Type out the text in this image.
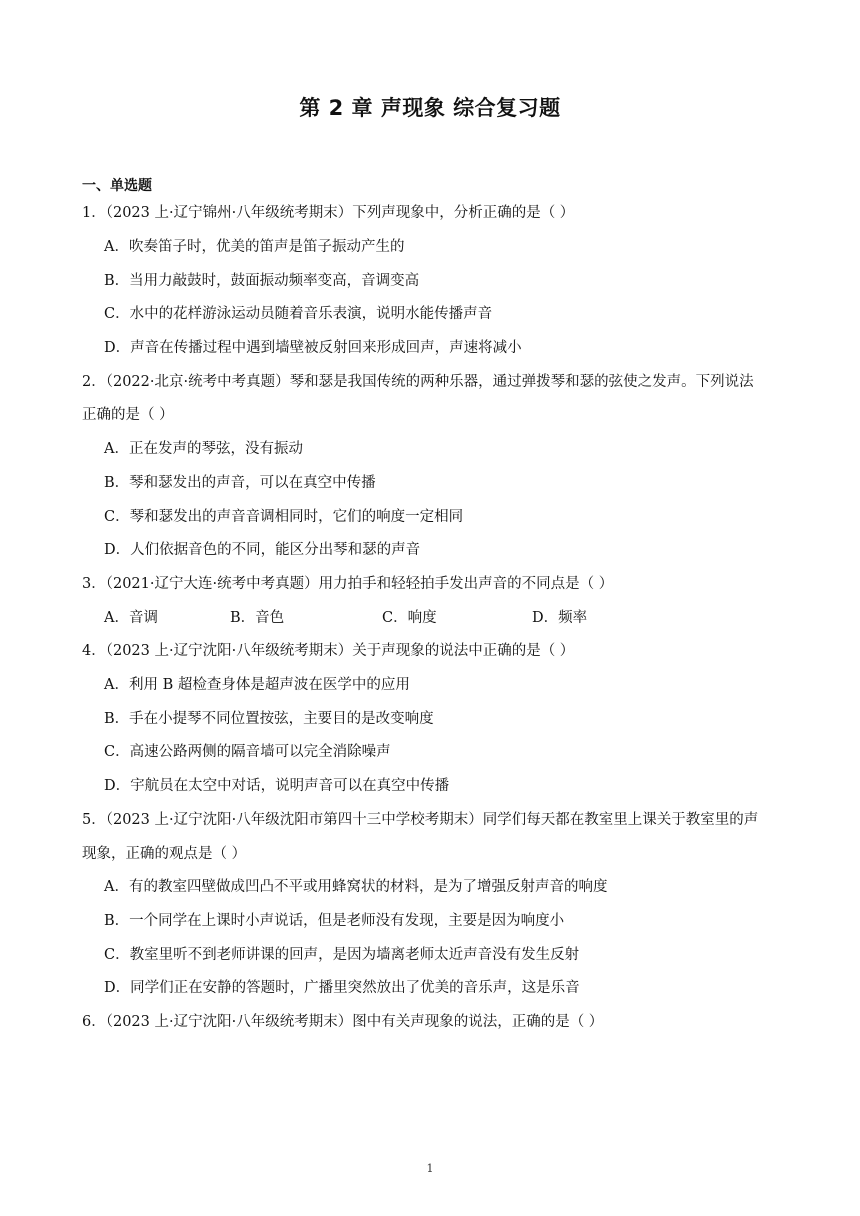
第 2 章 声现象 综合复习题
一、单选题
1．（2023 上·辽宁锦州·八年级统考期末）下列声现象中，分析正确的是（ ）
A．吹奏笛子时，优美的笛声是笛子振动产生的
B．当用力敲鼓时，鼓面振动频率变高，音调变高
C．水中的花样游泳运动员随着音乐表演，说明水能传播声音
D．声音在传播过程中遇到墙壁被反射回来形成回声，声速将减小
2．（2022·北京·统考中考真题）琴和瑟是我国传统的两种乐器，通过弹拨琴和瑟的弦使之发声。下列说法
正确的是（ ）
A．正在发声的琴弦，没有振动
B．琴和瑟发出的声音，可以在真空中传播
C．琴和瑟发出的声音音调相同时，它们的响度一定相同
D．人们依据音色的不同，能区分出琴和瑟的声音
3．（2021·辽宁大连·统考中考真题）用力拍手和轻轻拍手发出声音的不同点是（ ）
A．音调	B．音色	C．响度	D．频率
4．（2023 上·辽宁沈阳·八年级统考期末）关于声现象的说法中正确的是（ ）
A．利用 B 超检查身体是超声波在医学中的应用
B．手在小提琴不同位置按弦，主要目的是改变响度
C．高速公路两侧的隔音墙可以完全消除噪声
D．宇航员在太空中对话，说明声音可以在真空中传播
5．（2023 上·辽宁沈阳·八年级沈阳市第四十三中学校考期末）同学们每天都在教室里上课关于教室里的声
现象，正确的观点是（ ）
A．有的教室四壁做成凹凸不平或用蜂窝状的材料，是为了增强反射声音的响度
B．一个同学在上课时小声说话，但是老师没有发现，主要是因为响度小
C．教室里听不到老师讲课的回声，是因为墙离老师太近声音没有发生反射
D．同学们正在安静的答题时，广播里突然放出了优美的音乐声，这是乐音
6．（2023 上·辽宁沈阳·八年级统考期末）图中有关声现象的说法，正确的是（ ）
1
